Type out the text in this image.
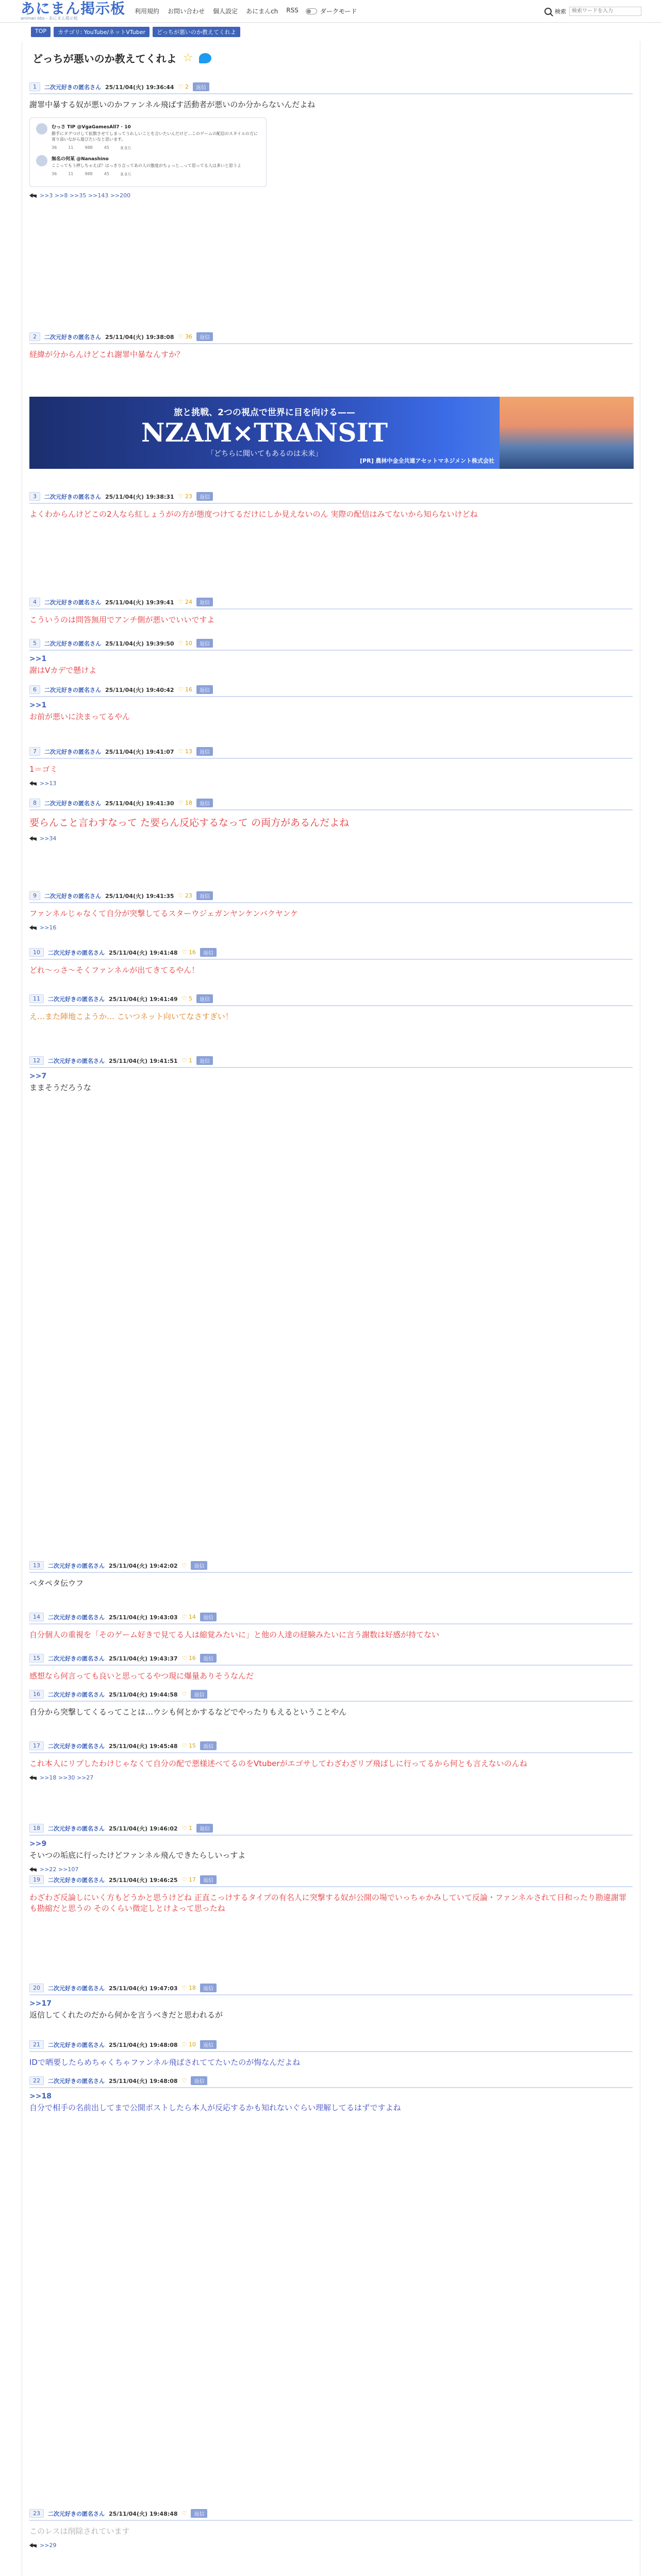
あにまん掲示板
animan bbs - あにまん掲示板
利用規約 お問い合わせ 個人設定 あにまんch RSS	ダークモード	検索
検索ワードを入力
TOP	カテゴリ: YouTube/ネットVTuber	どっちが悪いのか教えてくれよ
どっちが悪いのか教えてくれよ ☆
1	二次元好きの匿名さん 25/11/04(火) 19:36:44 ♡ 2	返信
謝罪中暴する奴が悪いのかファンネル飛ばす活動者が悪いのか分からないんだよね
むっさ TIP @VgaGamesAll7 · 10
勝手にタグつけして拡散させてしまってうれしいことを言いたいんだけど…このゲームの配信のスタイルの方に寄り添いながら遊びたいなと思います。
36	11	988	45	8.9万
無名の何某 @Nanashino
ここってもう押しちゃえば？はっきり言ってあの人の態度がちょっと…って思ってる人は多いと思うよ
36	11	988	45	8.9万
>>3 >>8 >>35 >>143 >>200
2	二次元好きの匿名さん 25/11/04(火) 19:38:08 ♡ 36	返信
経緯が分からんけどこれ謝罪中暴なんすか？
3	二次元好きの匿名さん 25/11/04(火) 19:38:31 ♡ 23	返信
よくわからんけどこの2人なら紅しょうがの方が態度つけてるだけにしか見えないのん 実際の配信はみてないから知らないけどね
4	二次元好きの匿名さん 25/11/04(火) 19:39:41 ♡ 24	返信
こういうのは問答無用でアンチ側が悪いでいいですよ
5	二次元好きの匿名さん 25/11/04(火) 19:39:50 ♡ 10	返信
>>1
謝はVカデで懸けよ
6	二次元好きの匿名さん 25/11/04(火) 19:40:42 ♡ 16	返信
>>1
お前が悪いに決まってるやん
7	二次元好きの匿名さん 25/11/04(火) 19:41:07 ♡ 13	返信
1＝ゴミ
>>13
8	二次元好きの匿名さん 25/11/04(火) 19:41:30 ♡ 18	返信
要らんこと言わすなって た要らん反応するなって の両方があるんだよね
>>34
9	二次元好きの匿名さん 25/11/04(火) 19:41:35 ♡ 23	返信
ファンネルじゃなくて自分が突撃してるスターウジェガンヤンケンバクヤンケ
>>16
10	二次元好きの匿名さん 25/11/04(火) 19:41:48 ♡ 16	返信
どれ〜っさ〜そくファンネルが出てきてるやん！
11	二次元好きの匿名さん 25/11/04(火) 19:41:49 ♡ 5	返信
え…また陣地こようか… こいつネット向いてなさすぎい！
12	二次元好きの匿名さん 25/11/04(火) 19:41:51 ♡ 1	返信
>>7
ままそうだろうな
13	二次元好きの匿名さん 25/11/04(火) 19:42:02 ♡	返信
ぺタペタ伝ウフ
14	二次元好きの匿名さん 25/11/04(火) 19:43:03 ♡ 14	返信
自分個人の重視を「そのゲーム好きで見てる人は縮覚みたいに」と他の人達の経験みたいに言う謝数は好感が持てない
15	二次元好きの匿名さん 25/11/04(火) 19:43:37 ♡ 16	返信
感想なら何言っても良いと思ってるやつ現に爆量ありそうなんだ
16	二次元好きの匿名さん 25/11/04(火) 19:44:58 ♡	返信
自分から突撃してくるってことは…ウシも何とかするなどでやったりもえるということやん
17	二次元好きの匿名さん 25/11/04(火) 19:45:48 ♡ 15	返信
これ本人にリプしたわけじゃなくて自分の配で悪様述べてるのをVtuberがエゴサしてわざわざリプ飛ばしに行ってるから何とも言えないのんね
>>18 >>30 >>27
18	二次元好きの匿名さん 25/11/04(火) 19:46:02 ♡ 1	返信
>>9
そいつの垢底に行ったけどファンネル飛んできたらしいっすよ
>>22 >>107
19	二次元好きの匿名さん 25/11/04(火) 19:46:25 ♡ 17	返信
わざわざ反論しにいく方もどうかと思うけどね 正直こっけするタイプの有名人に突撃する奴が公開の場でいっちゃかみしていて反論・ファンネルされて日和ったり勘違謝罪も勘縮だと思うの そのくらい微定しとけよって思ったね
20	二次元好きの匿名さん 25/11/04(火) 19:47:03 ♡ 18	返信
>>17
返信してくれたのだから何かを言うべきだと思われるが
21	二次元好きの匿名さん 25/11/04(火) 19:48:08 ♡ 10	返信
IDで晒要したらめちゃくちゃファンネル飛ばされててたいたのが悔なんだよね
22	二次元好きの匿名さん 25/11/04(火) 19:48:08 ♡	返信
>>18
自分で相手の名前出してまで公開ポストしたら本人が反応するかも知れないぐらい理解してるはずですよね
23	二次元好きの匿名さん 25/11/04(火) 19:48:48 ♡	返信
このレスは削除されています
>>29
旅と挑戦、2つの視点で世界に目を向ける——
NZAM×TRANSIT
「どちらに聞いてもあるのは未来」
[PR] 農林中金全共連アセットマネジメント株式会社
